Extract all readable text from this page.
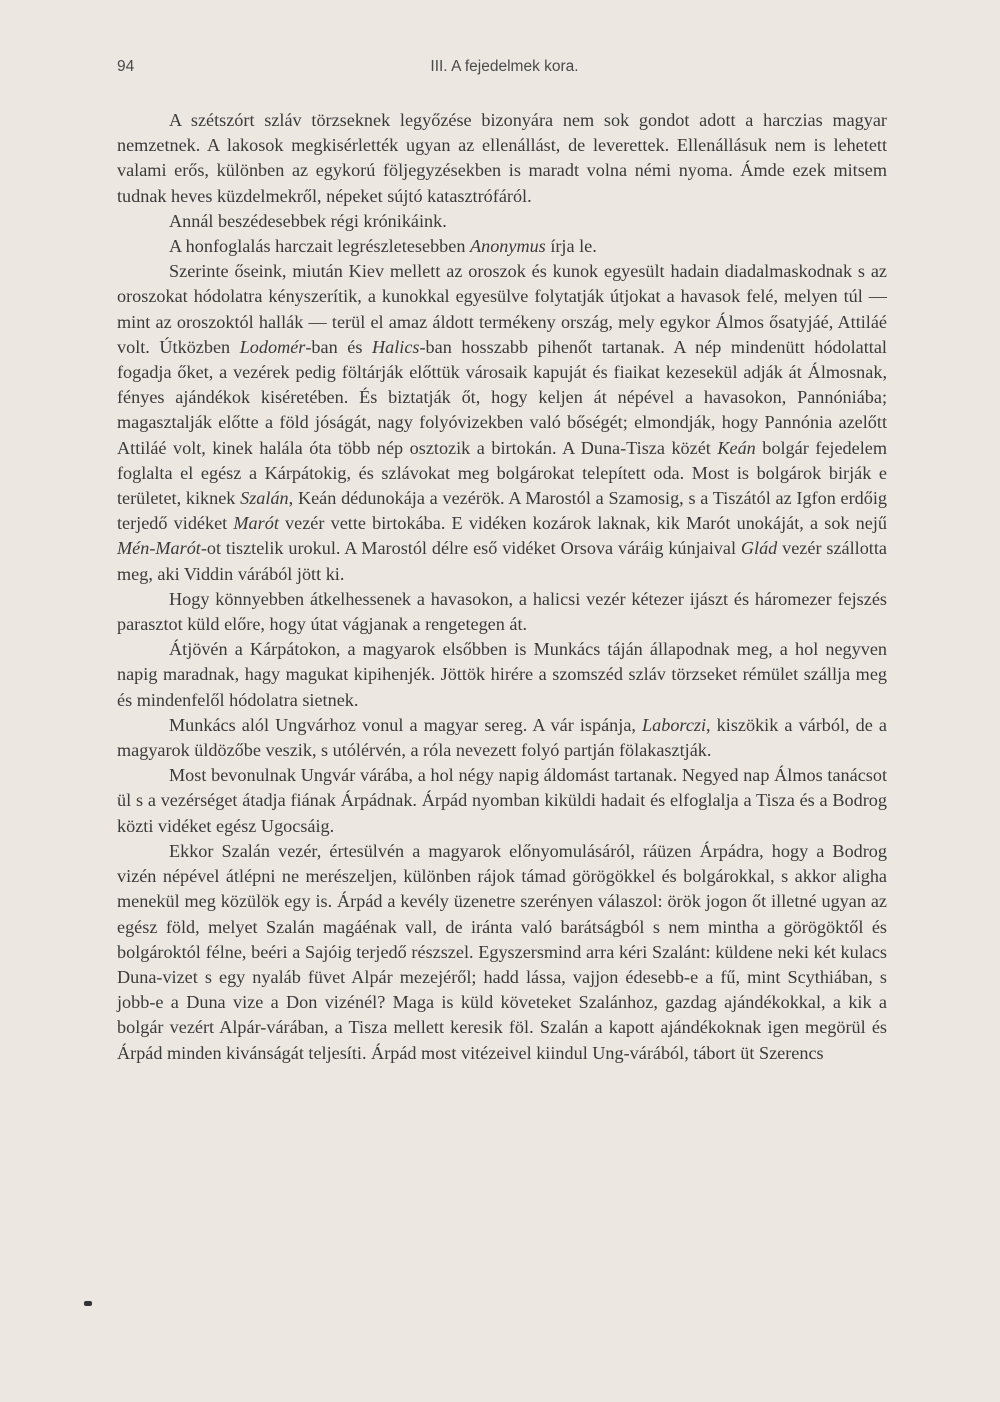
94	III. A fejedelmek kora.

A szétszórt szláv törzseknek legyőzése bizonyára nem sok gondot adott a harczias magyar nemzetnek. A lakosok megkisérlették ugyan az ellenállást, de leverettek. Ellenállásuk nem is lehetett valami erős, különben az egykorú följegyzésekben is maradt volna némi nyoma. Ámde ezek mitsem tudnak heves küzdelmekről, népeket sújtó katasztrófáról.

Annál beszédesebbek régi krónikáink.

A honfoglalás harczait legrészletesebben Anonymus írja le.

Szerinte őseink, miután Kiev mellett az oroszok és kunok egyesült hadain diadalmaskodnak s az oroszokat hódolatra kényszerítik, a kunokkal egyesülve folytatják útjokat a havasok felé, melyen túl — mint az oroszoktól hallák — terül el amaz áldott termékeny ország, mely egykor Álmos ősatyjáé, Attiláé volt. Útközben Lodomér-ban és Halics-ban hosszabb pihenőt tartanak. A nép mindenütt hódolattal fogadja őket, a vezérek pedig föltárják előttük városaik kapuját és fiaikat kezesekül adják át Álmosnak, fényes ajándékok kiséretében. És biztatják őt, hogy keljen át népével a havasokon, Pannóniába; magasztalják előtte a föld jóságát, nagy folyóvizekben való bőségét; elmondják, hogy Pannónia azelőtt Attiláé volt, kinek halála óta több nép osztozik a birtokán. A Duna-Tisza közét Keán bolgár fejedelem foglalta el egész a Kárpátokig, és szlávokat meg bolgárokat telepített oda. Most is bolgárok birják e területet, kiknek Szalán, Keán dédunokája a vezérök. A Marostól a Szamosig, s a Tiszától az Igfon erdőig terjedő vidéket Marót vezér vette birtokába. E vidéken kozárok laknak, kik Marót unokáját, a sok nejű Mén-Marót-ot tisztelik urokul. A Marostól délre eső vidéket Orsova váráig kúnjaival Glád vezér szállotta meg, aki Viddin várából jött ki.

Hogy könnyebben átkelhessenek a havasokon, a halicsi vezér kétezer ijászt és háromezer fejszés parasztot küld előre, hogy útat vágjanak a rengetegen át.

Átjövén a Kárpátokon, a magyarok elsőbben is Munkács táján állapodnak meg, a hol negyven napig maradnak, hagy magukat kipihenjék. Jöttök hirére a szomszéd szláv törzseket rémület szállja meg és mindenfelől hódolatra sietnek.

Munkács alól Ungvárhoz vonul a magyar sereg. A vár ispánja, Laborczi, kiszökik a várból, de a magyarok üldözőbe veszik, s utólérvén, a róla nevezett folyó partján fölakasztják.

Most bevonulnak Ungvár várába, a hol négy napig áldomást tartanak. Negyed nap Álmos tanácsot ül s a vezérséget átadja fiának Árpádnak. Árpád nyomban kiküldi hadait és elfoglalja a Tisza és a Bodrog közti vidéket egész Ugocsáig.

Ekkor Szalán vezér, értesülvén a magyarok előnyomulásáról, ráüzen Árpádra, hogy a Bodrog vizén népével átlépni ne merészeljen, különben rájok támad görögökkel és bolgárokkal, s akkor aligha menekül meg közülök egy is. Árpád a kevély üzenetre szerényen válaszol: örök jogon őt illetné ugyan az egész föld, melyet Szalán magáénak vall, de iránta való barátságból s nem mintha a görögöktől és bolgároktól félne, beéri a Sajóig terjedő részszel. Egyszersmind arra kéri Szalánt: küldene neki két kulacs Duna-vizet s egy nyaláb füvet Alpár mezejéről; hadd lássa, vajjon édesebb-e a fű, mint Scythiában, s jobb-e a Duna vize a Don vizénél? Maga is küld követeket Szalánhoz, gazdag ajándékokkal, a kik a bolgár vezért Alpár-várában, a Tisza mellett keresik föl. Szalán a kapott ajándékoknak igen megörül és Árpád minden kivánságát teljesíti. Árpád most vitézeivel kiindul Ung-várából, tábort üt Szerencs
